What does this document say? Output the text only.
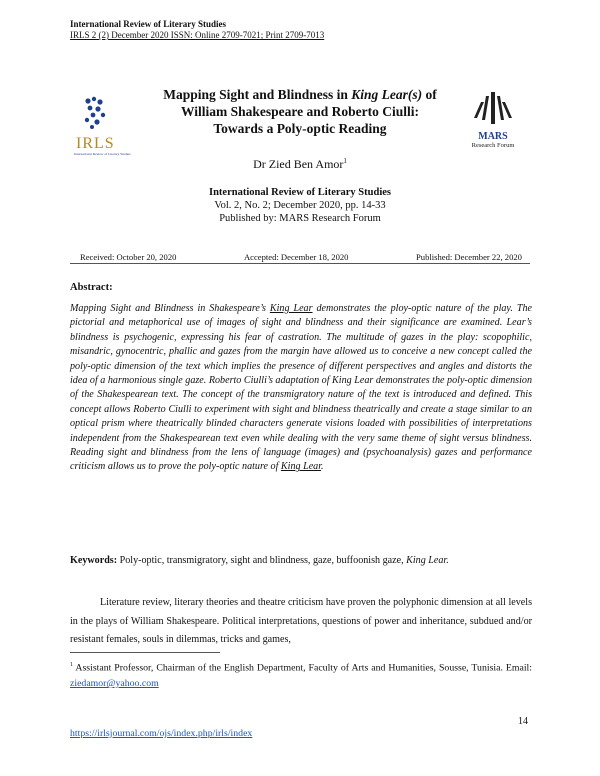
International Review of Literary Studies
IRLS 2 (2) December 2020 ISSN: Online 2709-7021; Print 2709-7013
IRLS
International Review of Literary Studies
MARS
Research Forum
Mapping Sight and Blindness in King Lear(s) of
William Shakespeare and Roberto Ciulli:
Towards a Poly-optic Reading
Dr Zied Ben Amor$^1$
International Review of Literary Studies
Vol. 2, No. 2; December 2020, pp. 14-33
Published by: MARS Research Forum
Received: October 20, 2020	Accepted: December 18, 2020	Published: December 22, 2020
Abstract:
Mapping Sight and Blindness in Shakespeare’s King Lear demonstrates the ploy-optic nature of the play. The pictorial and metaphorical use of images of sight and blindness and their significance are examined. Lear’s blindness is psychogenic, expressing his fear of castration. The multitude of gazes in the play: scopophilic, misandric, gynocentric, phallic and gazes from the margin have allowed us to conceive a new concept called the poly-optic dimension of the text which implies the presence of different perspectives and angles and distorts the idea of a harmonious single gaze. Roberto Ciulli’s adaptation of King Lear demonstrates the poly-optic dimension of the Shakespearean text. The concept of the transmigratory nature of the text is introduced and defined. This concept allows Roberto Ciulli to experiment with sight and blindness theatrically and create a stage similar to an optical prism where theatrically blinded characters generate visions loaded with possibilities of interpretations independent from the Shakespearean text even while dealing with the very same theme of sight versus blindness. Reading sight and blindness from the lens of language (images) and (psychoanalysis) gazes and performance criticism allows us to prove the poly-optic nature of King Lear.
Keywords: Poly-optic, transmigratory, sight and blindness, gaze, buffoonish gaze, King Lear.
Literature review, literary theories and theatre criticism have proven the polyphonic dimension at all levels in the plays of William Shakespeare. Political interpretations, questions of power and inheritance, subdued and/or resistant females, souls in dilemmas, tricks and games,
$^1$ Assistant Professor, Chairman of the English Department, Faculty of Arts and Humanities, Sousse, Tunisia. Email: ziedamor@yahoo.com
14
https://irlsjournal.com/ojs/index.php/irls/index
